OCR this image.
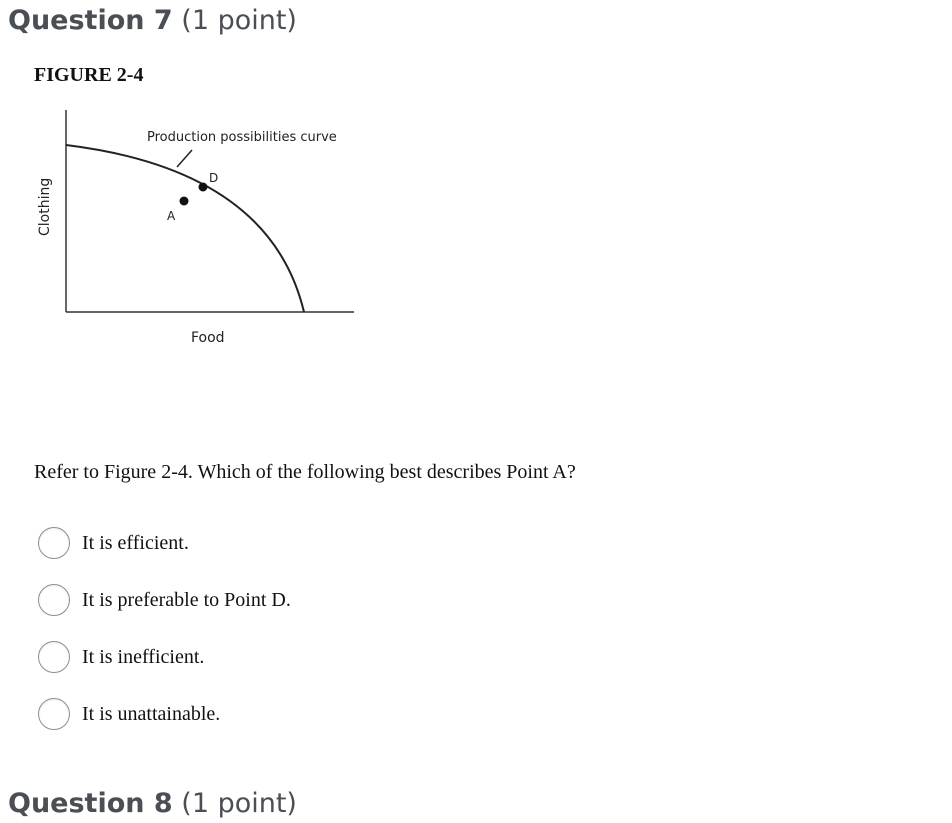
Question 7 (1 point)
FIGURE 2-4
Production possibilities curve
D
A
Food
Clothing
Refer to Figure 2-4. Which of the following best describes Point A?
It is efficient.
It is preferable to Point D.
It is inefficient.
It is unattainable.
Question 8 (1 point)
